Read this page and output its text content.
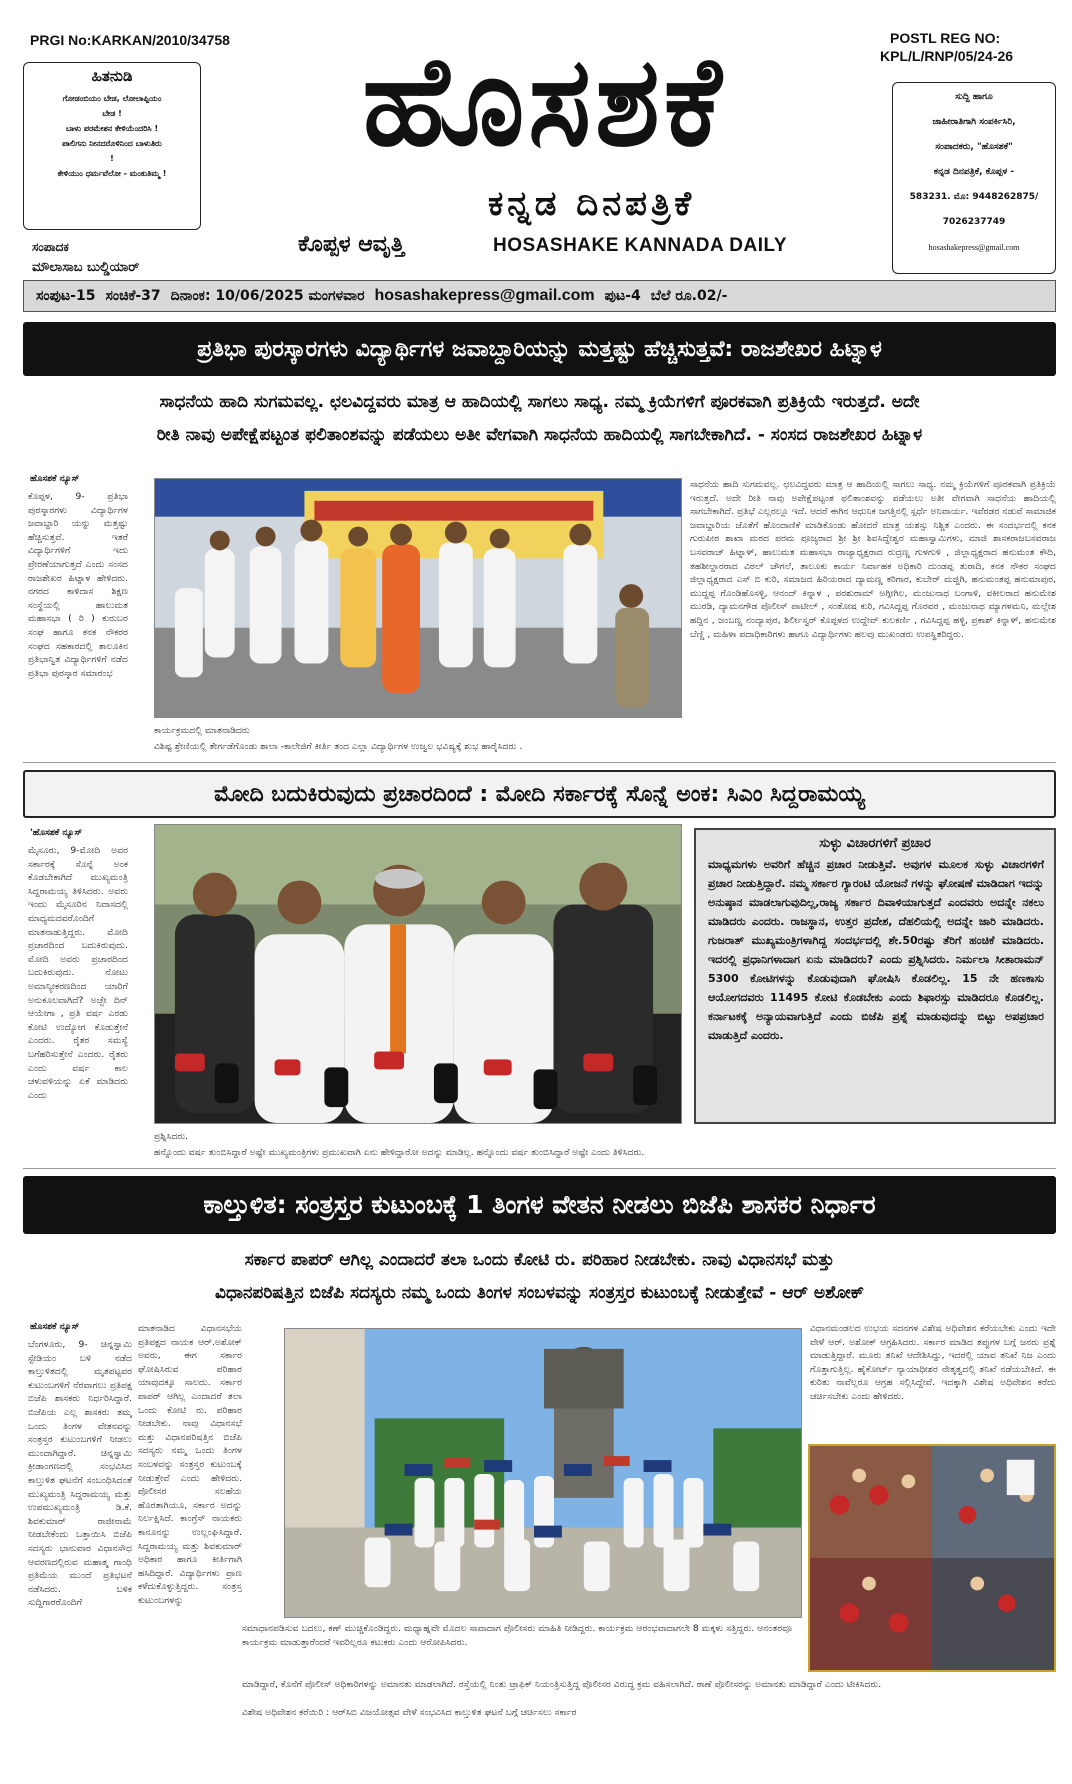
PRGI No:KARKAN/2010/34758	POSTL REG NO:
KPL/L/RNP/05/24-26
ಹಿತನುಡಿ
ಗೋಡಂಬಿಯಂ ಬೇಡ, ಲೋಲಾಪ್ಪಿಯಂ
ಬೇಡ !
ಬಾಳು ಪರಮೇಶನ ಕೇಳಿಯೆಂದರಿಸಿ !
ಪಾಲಿಗನು ನೀನದರೊಳಿನಿಂದ ಬಾಳುತಿರು
!
ಕೇಳಿಯುಂ ಧರ್ಮವೆಲೋ - ಮಂಕುತಿಮ್ಮ !
ಸಂಪಾದಕ
ಮೌಲಾಸಾಬ ಬುಲ್ಡಿಯಾರ್
ಹೊಸಶಕೆ
ಕೊಪ್ಪಳ ಆವೃತ್ತಿ
ಕನ್ನಡ ದಿನಪತ್ರಿಕೆ
HOSASHAKE KANNADA DAILY
ಸುದ್ದಿ ಹಾಗೂ
ಜಾಹೀರಾತಿಗಾಗಿ ಸಂಪರ್ಕಿಸಿರಿ,
ಸಂಪಾದಕರು, "ಹೊಸಶಕೆ"
ಕನ್ನಡ ದಿನಪತ್ರಿಕೆ, ಕೊಪ್ಪಳ -
583231. ಮೊ: 9448262875/
7026237749
hosashakepress@gmail.com
ಸಂಪುಟ-15 ಸಂಚಿಕೆ-37 ದಿನಾಂಕ: 10/06/2025 ಮಂಗಳವಾರ hosashakepress@gmail.com ಪುಟ-4 ಬೆಲೆ ರೂ.02/-
ಪ್ರತಿಭಾ ಪುರಸ್ಕಾರಗಳು ವಿದ್ಯಾರ್ಥಿಗಳ ಜವಾಬ್ದಾರಿಯನ್ನು ಮತ್ತಷ್ಟು ಹೆಚ್ಚಿಸುತ್ತವೆ: ರಾಜಶೇಖರ ಹಿಟ್ನಾಳ
ಸಾಧನೆಯ ಹಾದಿ ಸುಗಮವಲ್ಲ. ಛಲವಿದ್ದವರು ಮಾತ್ರ ಆ ಹಾದಿಯಲ್ಲಿ ಸಾಗಲು ಸಾಧ್ಯ. ನಮ್ಮ ಕ್ರಿಯೆಗಳಿಗೆ ಪೂರಕವಾಗಿ ಪ್ರತಿಕ್ರಿಯೆ ಇರುತ್ತದೆ. ಅದೇ
ರೀತಿ ನಾವು ಅಪೇಕ್ಷೆಪಟ್ಟಂತ ಫಲಿತಾಂಶವನ್ನು ಪಡೆಯಲು ಅತೀ ವೇಗವಾಗಿ ಸಾಧನೆಯ ಹಾದಿಯಲ್ಲಿ ಸಾಗಬೇಕಾಗಿದೆ. - ಸಂಸದ ರಾಜಶೇಖರ ಹಿಟ್ನಾಳ
ಹೊಸಶಕೆ ನ್ಯೂಸ್
ಕೊಪ್ಪಳ, 9- ಪ್ರತಿಭಾ ಪುರಸ್ಕಾರಗಳು ವಿದ್ಯಾರ್ಥಿಗಳ ಜವಾಬ್ದಾರಿ ಯನ್ನು ಮತ್ತಷ್ಟು ಹೆಚ್ಚಿಸುತ್ತವೆ. ಇತರೆ ವಿದ್ಯಾರ್ಥಿಗಳಿಗೆ ಇದು ಪ್ರೇರಣೆಯಾಗುತ್ತದೆ ಎಂದು ಸಂಸದ ರಾಜಶೇಖರ ಹಿಟ್ನಾಳ ಹೇಳಿದರು. ನಗರದ ಕಾಳಿದಾಸ ಶಿಕ್ಷಣ ಸಂಸ್ಥೆಯಲ್ಲಿ ಹಾಲುಮತ ಮಹಾಸಭಾ ( ರಿ ) ಕುರುಬರ ಸಂಘ ಹಾಗೂ ಕನಕ ನೌಕರರ ಸಂಘದ ಸಹಕಾರದಲ್ಲಿ ತಾಲೂಕಿನ ಪ್ರತಿಭಾನ್ವಿತ ವಿದ್ಯಾರ್ಥಿಗಳಿಗೆ ನಡೆದ ಪ್ರತಿಭಾ ಪುರಸ್ಕಾರ ಸಮಾರಂಭ
ಕಾರ್ಯಕ್ರಮದಲ್ಲಿ ಮಾತನಾಡಿದರು
ವಿಶಿಷ್ಟ ಶ್ರೇಣಿಯಲ್ಲಿ ತೇರ್ಗಡೆಗೊಂಡು ಶಾಲಾ -ಕಾಲೇಜಿಗೆ ಕೀರ್ತಿ ತಂದ ಎಲ್ಲಾ ವಿದ್ಯಾರ್ಥಿಗಳ ಉಜ್ವಲ ಭವಿಷ್ಯಕ್ಕೆ ಶುಭ ಹಾರೈಸಿದರು .
ಸಾಧನೆಯ ಹಾದಿ ಸುಗಮವಲ್ಲ. ಛಲವಿದ್ದವರು ಮಾತ್ರ ಆ ಹಾದಿಯಲ್ಲಿ ಸಾಗಲು ಸಾಧ್ಯ. ನಮ್ಮ ಕ್ರಿಯೆಗಳಿಗೆ ಪೂರಕವಾಗಿ ಪ್ರತಿಕ್ರಿಯೆ ಇರುತ್ತದೆ. ಅದೇ ರೀತಿ ನಾವು ಅಪೇಕ್ಷೆಪಟ್ಟಂತ ಫಲಿತಾಂಶವನ್ನು ಪಡೆಯಲು ಅತೀ ವೇಗವಾಗಿ ಸಾಧನೆಯ ಹಾದಿಯಲ್ಲಿ ಸಾಗಬೇಕಾಗಿದೆ. ಪ್ರತಿಭೆ ಎಲ್ಲರಲ್ಲೂ ಇದೆ. ಆದರೆ ಈಗಿನ ಆಧುನಿಕ ಜಗತ್ತಿನಲ್ಲಿ ಸ್ಪರ್ಧೆ ಅನಿವಾರ್ಯ. ಇವೆರಡರ ನಡುವೆ ಸಾಮಾಜಿಕ ಜವಾಬ್ದಾರಿಯ ಜೊತೆಗೆ ಹೊಂದಾಣಿಕೆ ಮಾಡಿಕೊಂಡು ಹೋದರೆ ಮಾತ್ರ ಯಶಸ್ಸು ನಿಶ್ಚಿತ ಎಂದರು. ಈ ಸಂದರ್ಭದಲ್ಲಿ ಕನಕ ಗುರುಪೀಠ ಶಾಖಾ ಮಠದ ಪರಮ ಪೂಜ್ಯರಾದ ಶ್ರೀ ಶ್ರೀ ಶಿವಸಿದ್ದೇಶ್ವರ ಮಹಾಸ್ವಾಮಿಗಳು, ಮಾಜಿ ಶಾಸಕರಾಜಬಸವರಾಜ ಬಸವರಾಜ್ ಹಿಟ್ನಾಳ್, ಹಾಲುಮತ ಮಹಾಸಭಾ ರಾಜ್ಯಾಧ್ಯಕ್ಷರಾದ ರುದ್ರಣ್ಣ ಗುಳಗುಳಿ , ಜಿಲ್ಲಾಧ್ಯಕ್ಷರಾದ ಹನುಮಂತ ಕೌದಿ, ತಹಶೀಲ್ದಾರರಾದ ವಿಠಲ್ ಚೌಗಲೆ, ತಾಲೂಕು ಕಾರ್ಯ ನಿರ್ವಾಹಕ ಅಧಿಕಾರಿ ದುಂಡಪ್ಪ ತುರಾದಿ, ಕನಕ ನೌಕರ ಸಂಘದ ಜಿಲ್ಲಾಧ್ಯಕ್ಷರಾದ ಎಸ್ ಬಿ ಕುರಿ, ಸಮಾಜದ ಹಿರಿಯರಾದ ದ್ಯಾಮಣ್ಣ ಕರಿಗಾರ, ಕುಬೇರ್ ಮಜ್ಜಿಗಿ, ಹನುಮಂತಪ್ಪ ಹನುಮಾಪುರ, ಮುದ್ದಪ್ಪ ಗೊಂಡಿಹೊಸಳ್ಳಿ, ಆನಂದ್ ಕಿನ್ನಾಳ , ಪರಶುರಾಮ್ ಅಗ್ಗೀಗಿಲ, ಮಂಜುನಾಥ ಬಂಗಾಳಿ, ವಕೀಲರಾದ ಹನುಮೇಶ ಮುರಡಿ, ದ್ಯಾಮನಗೌಡ ಪೊಲೀಸ್ ಪಾಟೀಲ್ , ಸಂತೋಷ ಕುರಿ, ಗವಿಸಿದ್ದಪ್ಪ ಗೊರವರ , ಮಂಜುನಾಥ ಮ್ಯಾಗಳಮನಿ, ಮಲ್ಲೇಶ ಹದ್ದಿನ , ಜಂಬಣ್ಣ ನಂದ್ಯಾಪುರ, ಶಿರ್ಲೀಸ್ವರ್ ಕೊಪ್ಪಳದ ಉದ್ದೇವ್ ಕುಲಕರ್ಣಿ , ಗವಿಸಿದ್ದಪ್ಪ ಹಳ್ಳಿ, ಪ್ರಕಾಶ್ ಕಿನ್ನಾಳ್, ಹನುಮೇಶ ಬೆಣ್ಣಿ , ಮಹಿಳಾ ಪದಾಧಿಕಾರಿಗಳು ಹಾಗೂ ವಿದ್ಯಾರ್ಥಿಗಳು ಹಲವು ಮುಖಂಡರು ಉಪಸ್ಥಿತರಿದ್ದರು.
ಮೋದಿ ಬದುಕಿರುವುದು ಪ್ರಚಾರದಿಂದೆ : ಮೋದಿ ಸರ್ಕಾರಕ್ಕೆ ಸೊನ್ನೆ ಅಂಕ: ಸಿಎಂ ಸಿದ್ದರಾಮಯ್ಯ
'ಹೊಸಶಕೆ ನ್ಯೂಸ್
ಮೈಸೂರು, 9-ಮೋದಿ ಅವರ ಸರ್ಕಾರಕ್ಕೆ ಸೊನ್ನೆ ಅಂಕ ಕೊಡಬೇಕಾಗಿದೆ ಮುಖ್ಯಮಂತ್ರಿ ಸಿದ್ದರಾಮಯ್ಯ ತಿಳಿಸಿದರು. ಅವರು ಇಂದು ಮೈಸೂರಿನ ನಿವಾಸದಲ್ಲಿ ಮಾಧ್ಯಮದವರೊಂದಿಗೆ ಮಾತನಾಡುತ್ತಿದ್ದರು. ಮೋದಿ ಪ್ರಚಾರದಿಂದ ಬದುಕಿರುವುದು. ಮೋದಿ ಅವರು ಪ್ರಚಾರದಿಂದ ಬದುಕಿರುವುದು. ನೋಟು ಅಮಾನ್ಯೀಕರಣದಿಂದ ಯಾರಿಗೆ ಅನುಕೂಲವಾಗಿದೆ? ಅಚ್ಛೇ ದಿನ್ ಆಯೇಗಾ , ಪ್ರತಿ ವರ್ಷ ಎರಡು ಕೋಟಿ ಉದ್ಯೋಗ ಕೊಡುತ್ತೇನೆ ಎಂದರು. ರೈತರ ಸಮಸ್ಯೆ ಬಗೆಹರಿಸುತ್ತೇನೆ ಎಂದರು. ರೈತರು ಎಂದು ವರ್ಷ ಕಾಲ ಚಳುವಳಿಯನ್ನು ಏಕೆ ಮಾಡಿದರು ಎಂದು
ಪ್ರಶ್ನಿಸಿದರು.
ಹನ್ನೊಂದು ವರ್ಷ ತುಂಬಿಸಿದ್ದಾರೆ ಅಷ್ಟೇ ಮುಖ್ಯಮಂತ್ರಿಗಳು ಪ್ರಮುಖವಾಗಿ ಏನು ಹೇಳಿದ್ದಾರೋ ಅದನ್ನು ಮಾಡಿಲ್ಲ. ಹನ್ನೊಂದು ವರ್ಷ ತುಂಬಿಸಿದ್ದಾರೆ ಅಷ್ಟೇ ಎಂದು ತಿಳಿಸಿದರು.
ಸುಳ್ಳು ವಿಚಾರಗಳಿಗೆ ಪ್ರಚಾರ
ಮಾಧ್ಯಮಗಳು ಅವರಿಗೆ ಹೆಚ್ಚಿನ ಪ್ರಚಾರ ನೀಡುತ್ತಿವೆ. ಅವುಗಳ ಮೂಲಕ ಸುಳ್ಳು ವಿಚಾರಗಳಿಗೆ ಪ್ರಚಾರ ನೀಡುತ್ತಿದ್ದಾರೆ. ನಮ್ಮ ಸರ್ಕಾರ ಗ್ಯಾರಂಟಿ ಯೋಜನೆ ಗಳನ್ನು ಘೋಷಣೆ ಮಾಡಿದಾಗ ಇದನ್ನು ಅನುಷ್ಠಾನ ಮಾಡಲಾಗುವುದಿಲ್ಲ,ರಾಜ್ಯ ಸರ್ಕಾರ ದಿವಾಳಿಯಾಗುತ್ತದೆ ಎಂದವರು ಅದನ್ನೇ ನಕಲು ಮಾಡಿದರು ಎಂದರು. ರಾಜಸ್ಥಾನ, ಉತ್ತರ ಪ್ರದೇಶ, ದೆಹಲಿಯಲ್ಲಿ ಅದನ್ನೇ ಜಾರಿ ಮಾಡಿದರು. ಗುಜರಾತ್ ಮುಖ್ಯಮಂತ್ರಿಗಳಾಗಿದ್ದ ಸಂದರ್ಭದಲ್ಲಿ ಶೇ.50ರಷ್ಟು ತೆರಿಗೆ ಹಂಚಿಕೆ ಮಾಡಿದರು. ಇದರಲ್ಲಿ ಪ್ರಧಾನಿಗಳಾದಾಗ ಏನು ಮಾಡಿದರು? ಎಂದು ಪ್ರಶ್ನಿಸಿದರು. ನಿರ್ಮಲಾ ಸೀತಾರಾಮನ್ 5300 ಕೋಟಿಗಳನ್ನು ಕೊಡುವುದಾಗಿ ಘೋಷಿಸಿ ಕೊಡಲಿಲ್ಲ. 15 ನೇ ಹಣಕಾಸು ಆಯೋಗದವರು 11495 ಕೋಟಿ ಕೊಡಬೇಕು ಎಂದು ಶಿಫಾರಸ್ಸು ಮಾಡಿದರೂ ಕೊಡಲಿಲ್ಲ. ಕರ್ನಾಟಕಕ್ಕೆ ಅನ್ಯಾಯವಾಗುತ್ತಿದೆ ಎಂದು ಬಿಜೆಪಿ ಪ್ರಶ್ನೆ ಮಾಡುವುದನ್ನು ಬಿಟ್ಟು ಅಪಪ್ರಚಾರ ಮಾಡುತ್ತಿದೆ ಎಂದರು.
ಕಾಲ್ತುಳಿತ: ಸಂತ್ರಸ್ತರ ಕುಟುಂಬಕ್ಕೆ 1 ತಿಂಗಳ ವೇತನ ನೀಡಲು ಬಿಜೆಪಿ ಶಾಸಕರ ನಿರ್ಧಾರ
ಸರ್ಕಾರ ಪಾಪರ್ ಆಗಿಲ್ಲ ಎಂದಾದರೆ ತಲಾ ಒಂದು ಕೋಟಿ ರು. ಪರಿಹಾರ ನೀಡಬೇಕು. ನಾವು ವಿಧಾನಸಭೆ ಮತ್ತು
ವಿಧಾನಪರಿಷತ್ತಿನ ಬಿಜೆಪಿ ಸದಸ್ಯರು ನಮ್ಮ ಒಂದು ತಿಂಗಳ ಸಂಬಳವನ್ನು ಸಂತ್ರಸ್ತರ ಕುಟುಂಬಕ್ಕೆ ನೀಡುತ್ತೇವೆ - ಆರ್ ಅಶೋಕ್
ಹೊಸಶಕೆ ನ್ಯೂಸ್
ಬೆಂಗಳೂರು, 9- ಚಿನ್ನಸ್ವಾಮಿ ಸ್ಟೇಡಿಯಂ ಬಳಿ ನಡೆದ ಕಾಲ್ತುಳಿತದಲ್ಲಿ ಮೃತಪಟ್ಟವರ ಕುಟುಂಬಗಳಿಗೆ ನೆರವಾಗಲು ಪ್ರತಿಪಕ್ಷ ಬಿಜೆಪಿ ಶಾಸಕರು ನಿರ್ಧರಿಸಿದ್ದಾರೆ. ಬಿಜೆಪಿಯ ಎಲ್ಲ ಶಾಸಕರು ತಮ್ಮ ಒಂದು ತಿಂಗಳ ವೇತನವನ್ನು ಸಂತ್ರಸ್ತರ ಕುಟುಂಬಗಳಿಗೆ ನೀಡಲು ಮುಂದಾಗಿದ್ದಾರೆ. ಚಿನ್ನಸ್ವಾಮಿ ಕ್ರೀಡಾಂಗಣದಲ್ಲಿ ಸಂಭವಿಸಿದ ಕಾಲ್ತುಳಿತ ಘಟನೆಗೆ ಸಂಬಂಧಿಸಿದಂತೆ ಮುಖ್ಯಮಂತ್ರಿ ಸಿದ್ದರಾಮಯ್ಯ ಮತ್ತು ಉಪಮುಖ್ಯಮಂತ್ರಿ ಡಿ.ಕೆ. ಶಿವಕುಮಾರ್ ರಾಜೀನಾಮೆ ನೀಡಬೇಕೆಂದು ಒತ್ತಾಯಿಸಿ ಬಿಜೆಪಿ ಸದಸ್ಯರು ಭಾನುವಾರ ವಿಧಾನಸೌಧ ಆವರಣದಲ್ಲಿರುವ ಮಹಾತ್ಮ ಗಾಂಧಿ ಪ್ರತಿಮೆಯ ಮುಂದೆ ಪ್ರತಿಭಟನೆ ನಡೆಸಿದರು. ಬಳಿಕ ಸುದ್ದಿಗಾರರೊಂದಿಗೆ
ಮಾತನಾಡಿದ ವಿಧಾನಸಭೆಯ ಪ್ರತಿಪಕ್ಷದ ನಾಯಕ ಆರ್.ಅಶೋಕ್ ಅವರು, ಈಗ ಸರ್ಕಾರ ಘೋಷಿಸಿರುವ ಪರಿಹಾರ ಯಾವುದಕ್ಕೂ ಸಾಲದು. ಸರ್ಕಾರ ಪಾಪರ್ ಆಗಿಲ್ಲ ಎಂದಾದರೆ ತಲಾ ಒಂದು ಕೋಟಿ ರು. ಪರಿಹಾರ ನೀಡಬೇಕು. ನಾವು ವಿಧಾನಸಭೆ ಮತ್ತು ವಿಧಾನಪರಿಷತ್ತಿನ ಬಿಜೆಪಿ ಸದಸ್ಯರು ನಮ್ಮ ಒಂದು ತಿಂಗಳ ಸಂಬಳವನ್ನು ಸಂತ್ರಸ್ತರ ಕುಟುಂಬಕ್ಕೆ ನೀಡುತ್ತೇವೆ ಎಂದು ಹೇಳಿದರು. ಪೊಲೀಸರ ಸಲಹೆಯ ಹೊರತಾಗಿಯೂ, ಸರ್ಕಾರ ಅದನ್ನು ನಿರ್ಲಕ್ಷಿಸಿದೆ. ಕಾಂಗ್ರೆಸ್ ನಾಯಕರು ಕಾನೂನನ್ನು ಉಲ್ಲಂಘಿಸಿದ್ದಾರೆ. ಸಿದ್ದರಾಮಯ್ಯ ಮತ್ತು ಶಿವಕುಮಾರ್ ಅಧಿಕಾರ ಹಾಗೂ ಕೀರ್ತಿಗಾಗಿ ಹಸಿದಿದ್ದಾರೆ. ವಿದ್ಯಾರ್ಥಿಗಳು ಪ್ರಾಣ ಕಳೆದುಕೊಳ್ಳುತ್ತಿದ್ದರು. ಸಂತ್ರಸ್ತ ಕುಟುಂಬಗಳನ್ನು
ಸಮಾಧಾನಪಡಿಸುವ ಬದಲು, ಕಣ್ ಮುಚ್ಚಿಕೊಂಡಿದ್ದರು. ಮಧ್ಯಾಹ್ನವೇ ಮೊದಲ ಸಾವಾದಾಗ ಪೊಲೀಸರು ಮಾಹಿತಿ ನೀಡಿದ್ದರು. ಕಾರ್ಯಕ್ರಮ ಆರಂಭವಾದಾಗಲೇ 8 ಮಕ್ಕಳು ಸತ್ತಿದ್ದರು. ಆನಂತರವೂ ಕಾರ್ಯಕ್ರಮ ಮಾಡುತ್ತಾರೆಂದರೆ ಇವರಿಲ್ಲರೂ ಕಟುಕರು ಎಂದು ಆರೋಪಿಸಿದರು.
ಮಾಡಿದ್ದಾರೆ, ಕೊನೆಗೆ ಪೊಲೀಸ್ ಅಧಿಕಾರಿಗಳನ್ನು ಅಮಾನತು ಮಾಡಲಾಗಿದೆ. ರಸ್ತೆಯಲ್ಲಿ ನಿಂತು ಟ್ರಾಫಿಕ್ ನಿಯಂತ್ರಿಸುತ್ತಿದ್ದ ಪೊಲೀಸರ ವಿರುದ್ಧ ಕ್ರಮ ವಹಿಸಲಾಗಿದೆ. ಠಾಣೆ ಪೊಲೀಸರನ್ನು ಅಮಾನತು ಮಾಡಿದ್ದಾರೆ ಎಂದು ಟೀಕಿಸಿದರು.
ವಿಶೇಷ ಅಧಿವೇಶನ ಕರೆಯಿರಿ : ಆರ್‌ಸಿಬಿ ವಿಜಯೋತ್ಸವ ವೇಳೆ ಸಂಭವಿಸಿದ ಕಾಲ್ತುಳಿತ ಘಟನೆ ಬಗ್ಗೆ ಚರ್ಚಿಸಲು ಸರ್ಕಾರ
ವಿಧಾನಮಂಡಲದ ಉಭಯ ಸದನಗಳ ವಿಶೇಷ ಅಧಿವೇಶನ ಕರೆಯಬೇಕು ಎಂದು ಇದೇ ವೇಳೆ ಆರ್. ಅಶೋಕ್ ಆಗ್ರಹಿಸಿದರು. ಸರ್ಕಾರ ಮಾಡಿದ ತಪ್ಪುಗಳ ಬಗ್ಗೆ ಜನರು ಪ್ರಶ್ನೆ ಮಾಡುತ್ತಿದ್ದಾರೆ. ಮೂರು ತನಿಖೆ ಆದೇಶಿಸಿದ್ದು, ಇದರಲ್ಲಿ ಯಾವ ತನಿಖೆ ನಿಜ ಎಂದು ಗೊತ್ತಾಗುತ್ತಿಲ್ಲ. ಹೈಕೋರ್ಟ್ ನ್ಯಾಯಾಧೀಶರ ನೇತೃತ್ವದಲ್ಲಿ ತನಿಖೆ ನಡೆಯಬೇಕಿದೆ. ಈ ಕುರಿತು ನಾವೆಲ್ಲರೂ ಆಗ್ರಹ ಸಲ್ಲಿಸಿದ್ದೇವೆ. ಇದಕ್ಕಾಗಿ ವಿಶೇಷ ಅಧಿವೇಶನ ಕರೆದು ಚರ್ಚಿಸಬೇಕು ಎಂದು ಹೇಳಿದರು.
